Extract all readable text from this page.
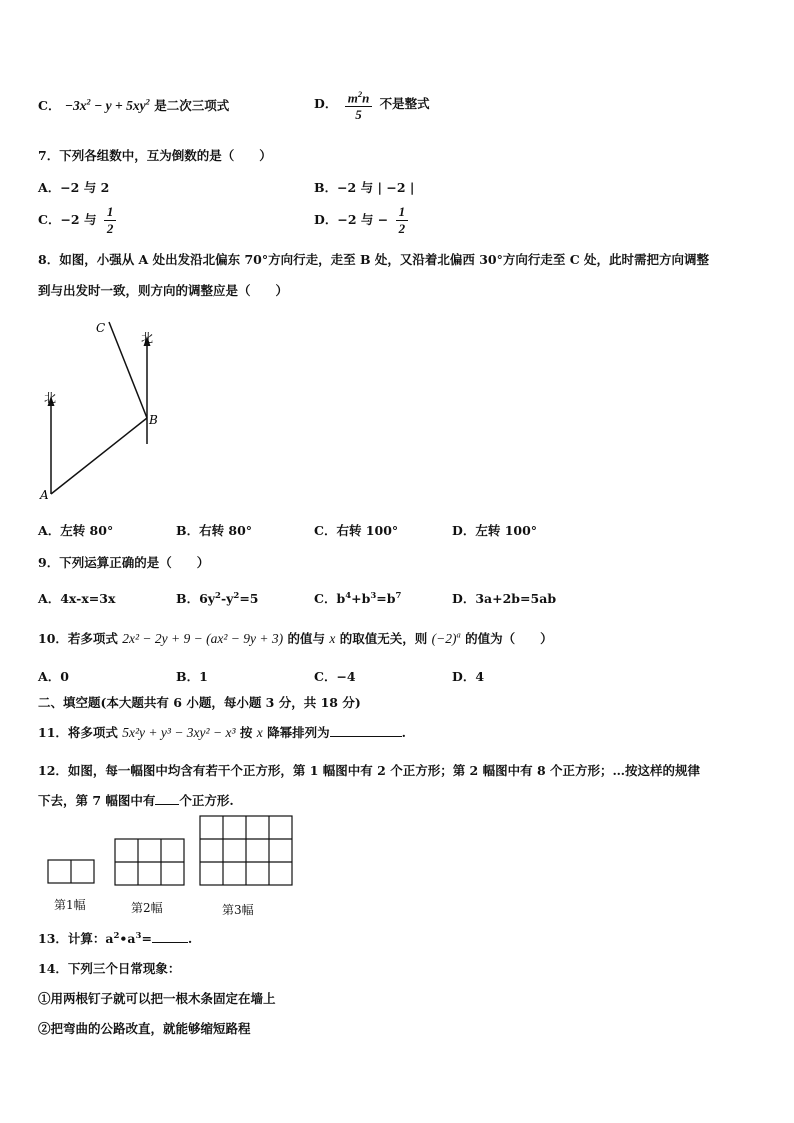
C． $-3x^2 - y + 5xy^2$ 是二次三项式	D． $\frac{m^2n}{5}$ 不是整式
7．下列各组数中，互为倒数的是（　　）
A．−2 与 2	B．−2 与 | −2 |
C．−2 与 $\frac{1}{2}$	D．−2 与 − $\frac{1}{2}$
8．如图，小强从 A 处出发沿北偏东 70°方向行走，走至 B 处，又沿着北偏西 30°方向行走至 C 处，此时需把方向调整
到与出发时一致，则方向的调整应是（　　）
北
北
A
B
C
A．左转 80°	B．右转 80°	C．右转 100°	D．左转 100°
9．下列运算正确的是（　　）
A．4x-x=3x	B．$6y^2-y^2=5$	C．$b^4+b^3=b^7$	D．3a+2b=5ab
10．若多项式 2x² − 2y + 9 − (ax² − 9y + 3) 的值与 x 的取值无关，则 $(-2)^a$ 的值为（　　）
A．0	B．1	C．−4	D．4
二、填空题(本大题共有 6 小题，每小题 3 分，共 18 分)
11．将多项式 5x²y + y³ − 3xy² − x³ 按 x 降幂排列为	.
12．如图，每一幅图中均含有若干个正方形，第 1 幅图中有 2 个正方形；第 2 幅图中有 8 个正方形；…按这样的规律
下去，第 7 幅图中有 个正方形.
第1幅	第2幅	第3幅
13．计算：$a^2•a^3=$	.
14．下列三个日常现象：
①用两根钉子就可以把一根木条固定在墙上
②把弯曲的公路改直，就能够缩短路程
